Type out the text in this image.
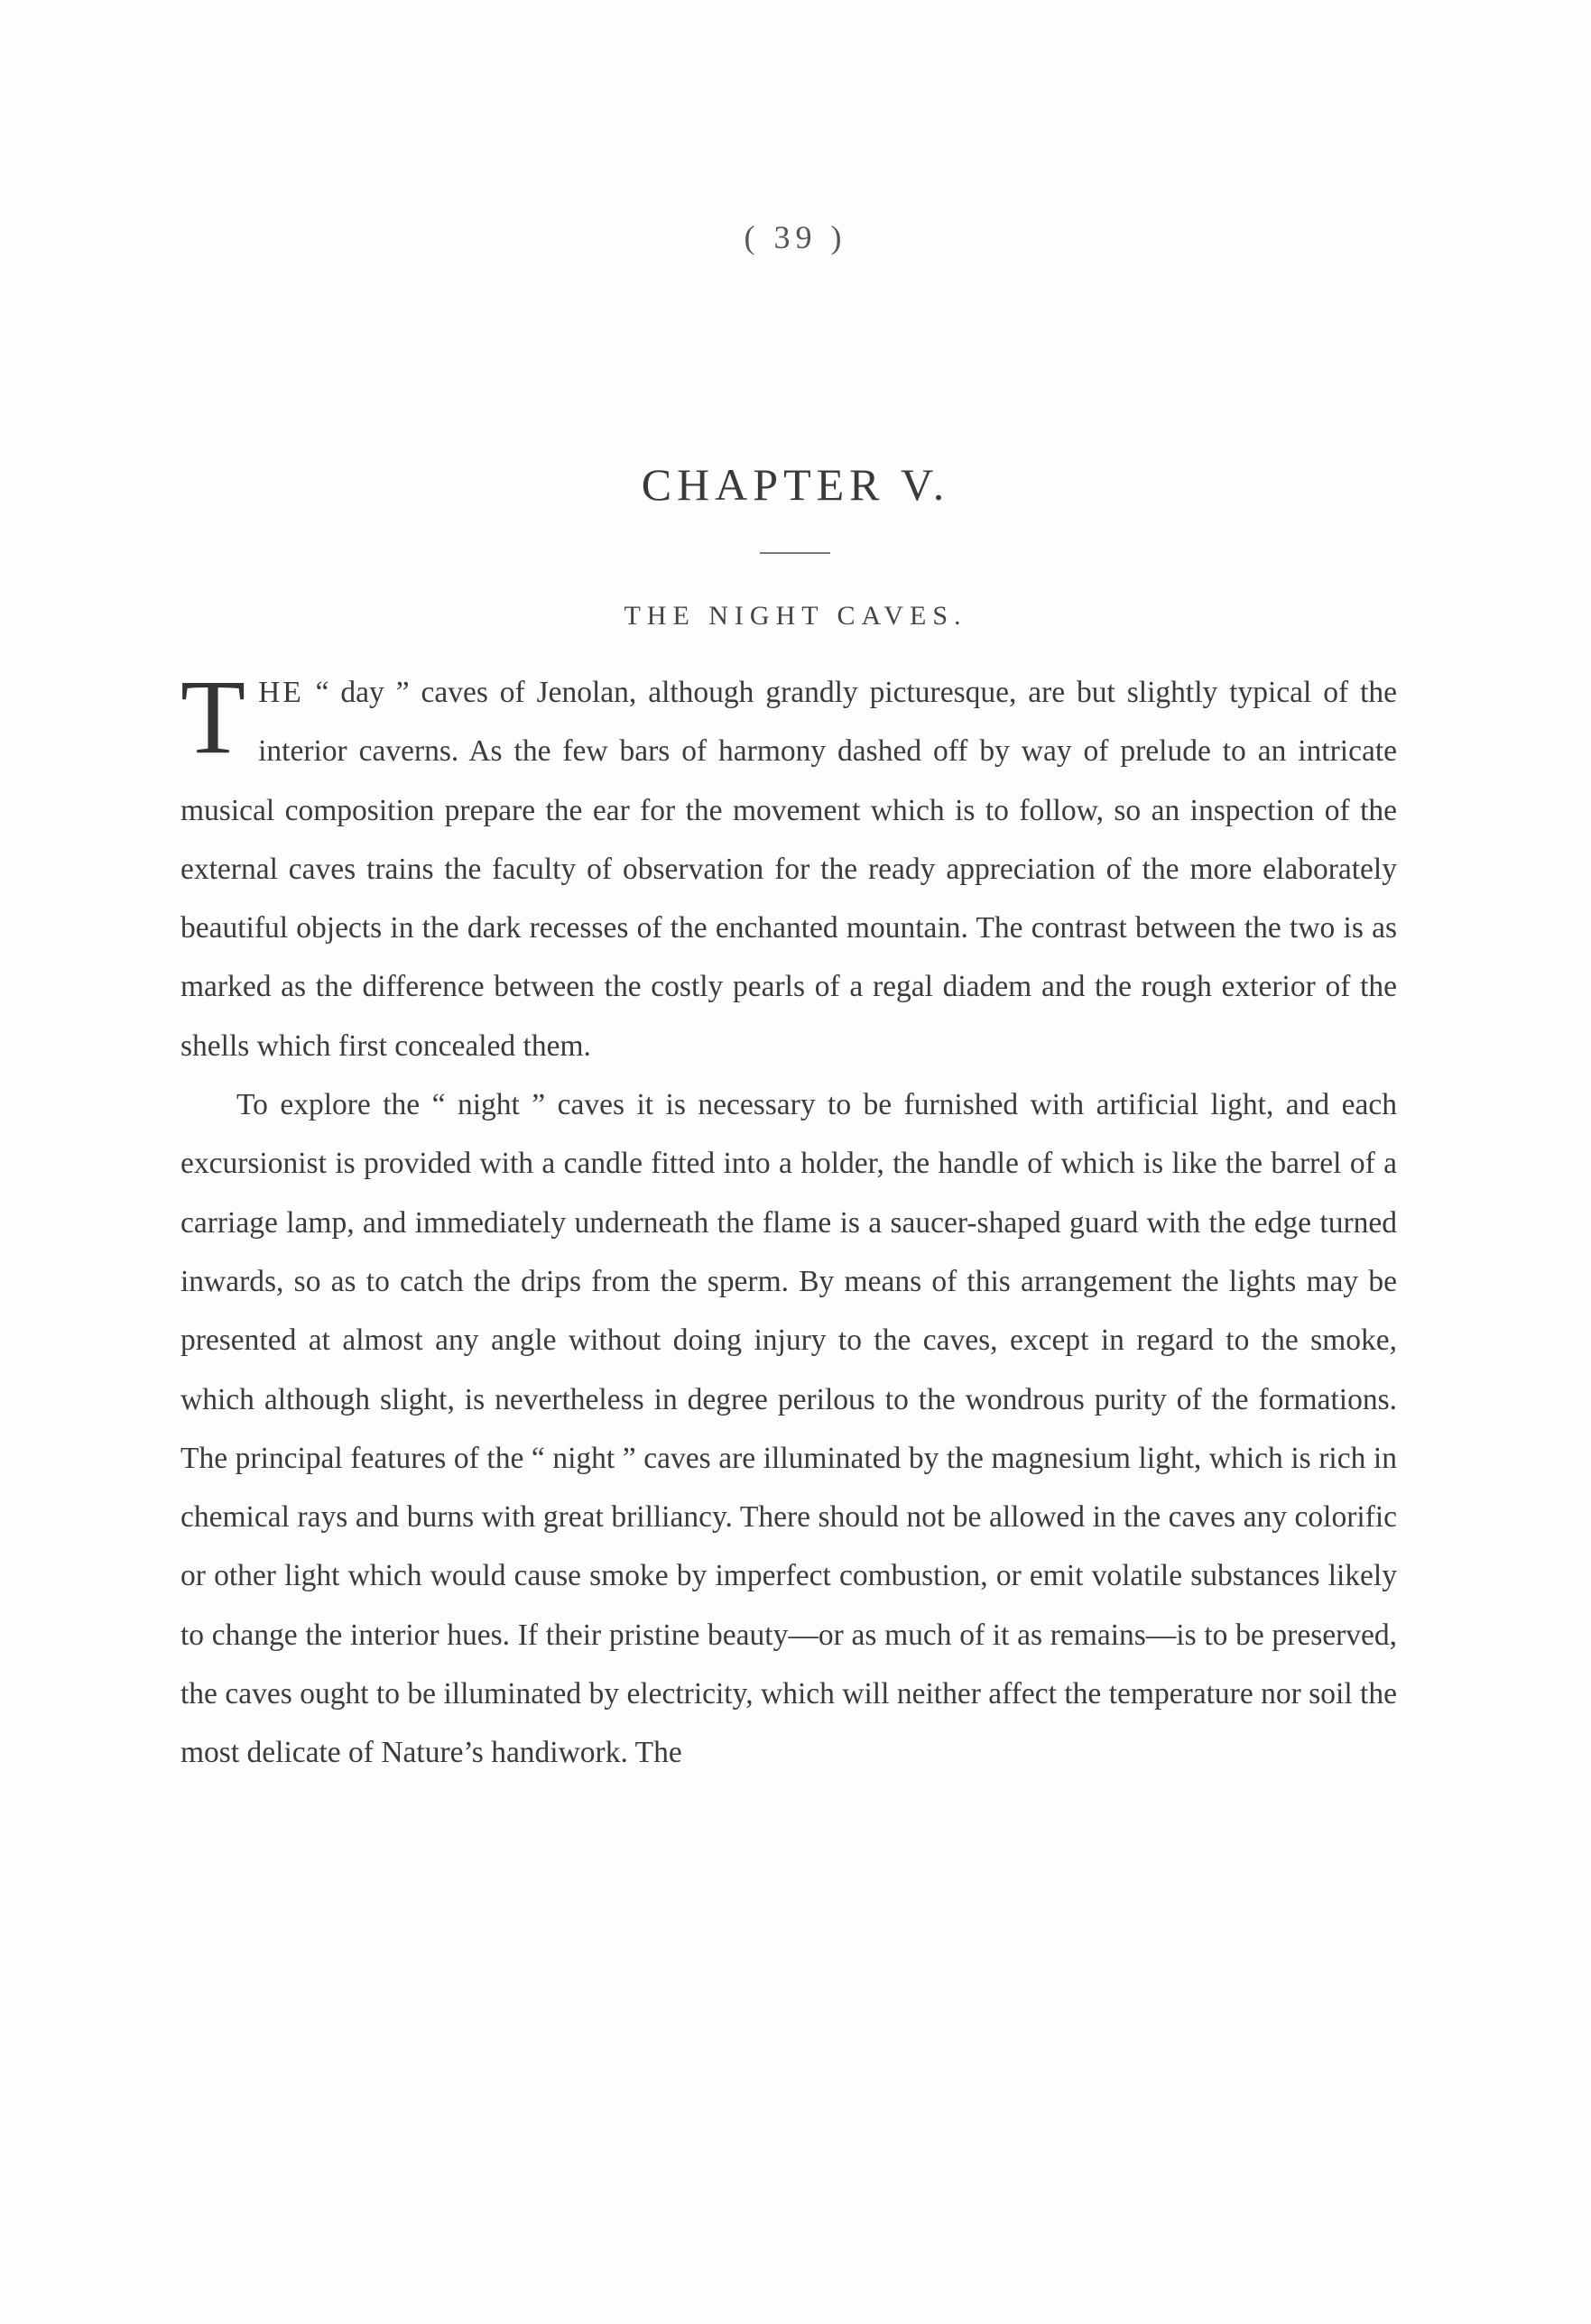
( 39 )
CHAPTER V.
THE NIGHT CAVES.

THE “ day ” caves of Jenolan, although grandly picturesque, are but slightly typical of the interior caverns. As the few bars of harmony dashed off by way of prelude to an intricate musical composition prepare the ear for the movement which is to follow, so an inspection of the external caves trains the faculty of observation for the ready appreciation of the more elaborately beautiful objects in the dark recesses of the enchanted mountain. The contrast between the two is as marked as the difference between the costly pearls of a regal diadem and the rough exterior of the shells which first concealed them.

To explore the “ night ” caves it is necessary to be furnished with artificial light, and each excursionist is provided with a candle fitted into a holder, the handle of which is like the barrel of a carriage lamp, and immediately underneath the flame is a saucer-shaped guard with the edge turned inwards, so as to catch the drips from the sperm. By means of this arrangement the lights may be presented at almost any angle without doing injury to the caves, except in regard to the smoke, which although slight, is nevertheless in degree perilous to the wondrous purity of the formations. The principal features of the “ night ” caves are illuminated by the magnesium light, which is rich in chemical rays and burns with great brilliancy. There should not be allowed in the caves any colorific or other light which would cause smoke by imperfect combustion, or emit volatile substances likely to change the interior hues. If their pristine beauty—or as much of it as remains—is to be preserved, the caves ought to be illuminated by electricity, which will neither affect the temperature nor soil the most delicate of Nature’s handiwork. The
